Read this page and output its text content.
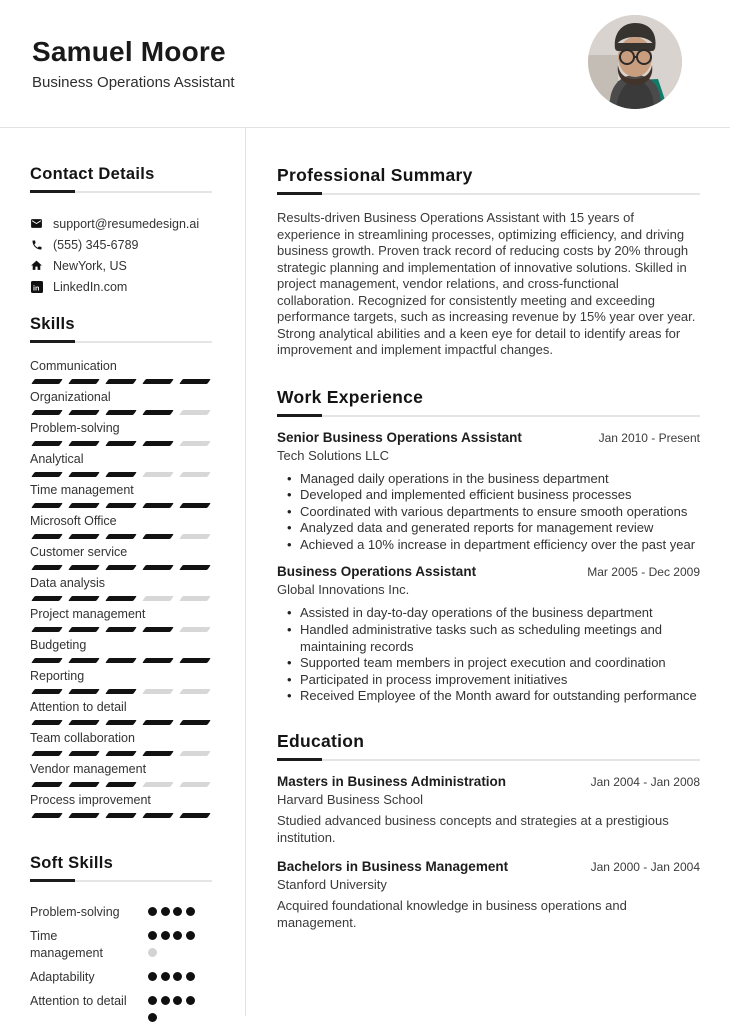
Samuel Moore
Business Operations Assistant
Contact Details
support@resumedesign.ai
(555) 345-6789
NewYork, US
in LinkedIn.com
Skills
Communication
Organizational
Problem-solving
Analytical
Time management
Microsoft Office
Customer service
Data analysis
Project management
Budgeting
Reporting
Attention to detail
Team collaboration
Vendor management
Process improvement
Soft Skills
Problem-solving
Time management
Adaptability
Attention to detail
Professional Summary

Results-driven Business Operations Assistant with 15 years of experience in streamlining processes, optimizing efficiency, and driving business growth. Proven track record of reducing costs by 20% through strategic planning and implementation of innovative solutions. Skilled in project management, vendor relations, and cross-functional collaboration. Recognized for consistently meeting and exceeding performance targets, such as increasing revenue by 15% year over year. Strong analytical abilities and a keen eye for detail to identify areas for improvement and implement impactful changes.

Work Experience
Senior Business Operations Assistant	Jan 2010 - Present
Tech Solutions LLC
• Managed daily operations in the business department
• Developed and implemented efficient business processes
• Coordinated with various departments to ensure smooth operations
• Analyzed data and generated reports for management review
• Achieved a 10% increase in department efficiency over the past year
Business Operations Assistant	Mar 2005 - Dec 2009
Global Innovations Inc.
• Assisted in day-to-day operations of the business department
• Handled administrative tasks such as scheduling meetings and maintaining records
• Supported team members in project execution and coordination
• Participated in process improvement initiatives
• Received Employee of the Month award for outstanding performance
Education
Masters in Business Administration	Jan 2004 - Jan 2008
Harvard Business School
Studied advanced business concepts and strategies at a prestigious institution.
Bachelors in Business Management	Jan 2000 - Jan 2004
Stanford University
Acquired foundational knowledge in business operations and management.
